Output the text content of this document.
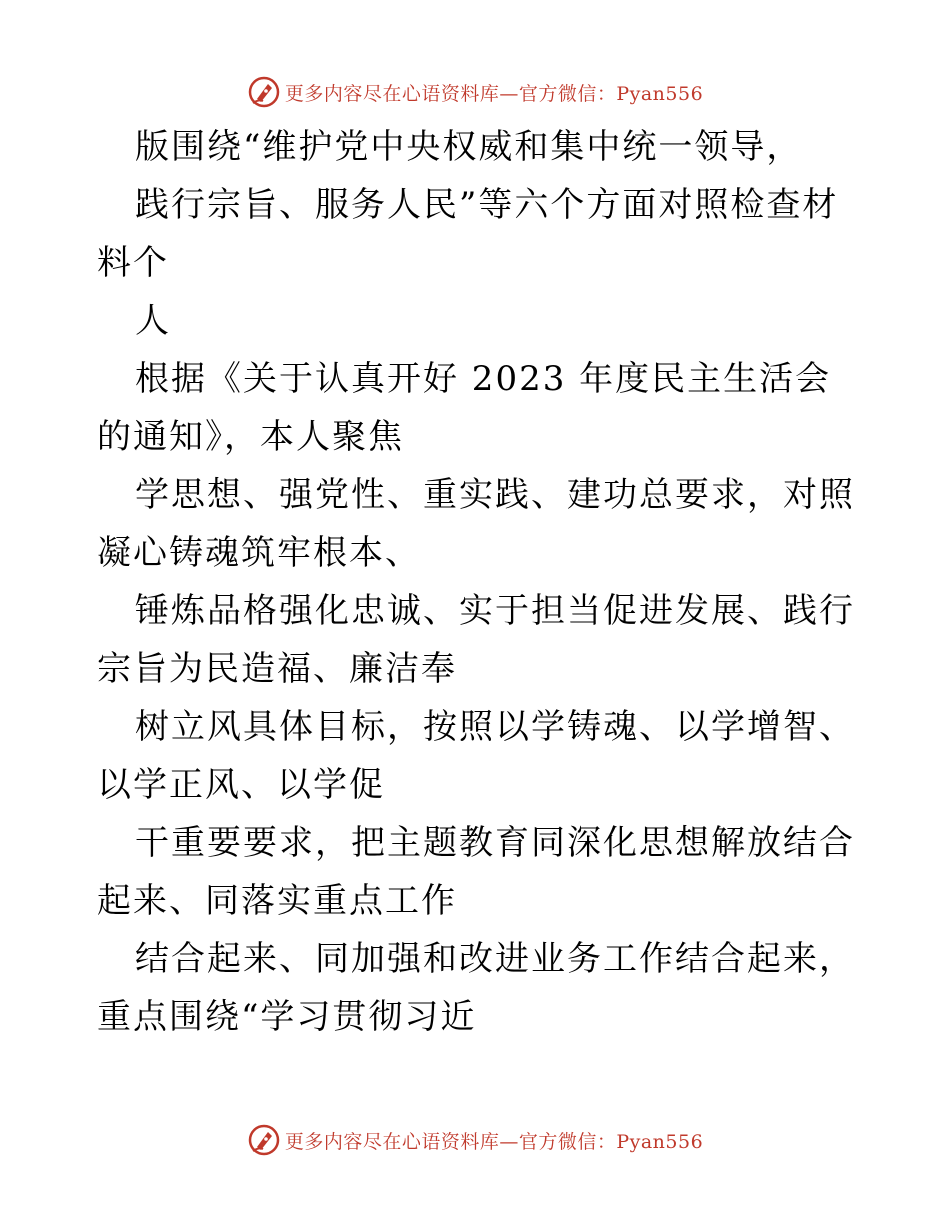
更多内容尽在心语资料库—官方微信：Pyan556

版围绕“维护党中央权威和集中统一领导，

践行宗旨、服务人民”等六个方面对照检查材料个

人

根据《关于认真开好 2023 年度民主生活会的通知》，本人聚焦

学思想、强党性、重实践、建功总要求，对照凝心铸魂筑牢根本、

锤炼品格强化忠诚、实于担当促进发展、践行宗旨为民造福、廉洁奉

树立风具体目标，按照以学铸魂、以学增智、以学正风、以学促

干重要要求，把主题教育同深化思想解放结合起来、同落实重点工作

结合起来、同加强和改进业务工作结合起来，重点围绕“学习贯彻习近

更多内容尽在心语资料库—官方微信：Pyan556
